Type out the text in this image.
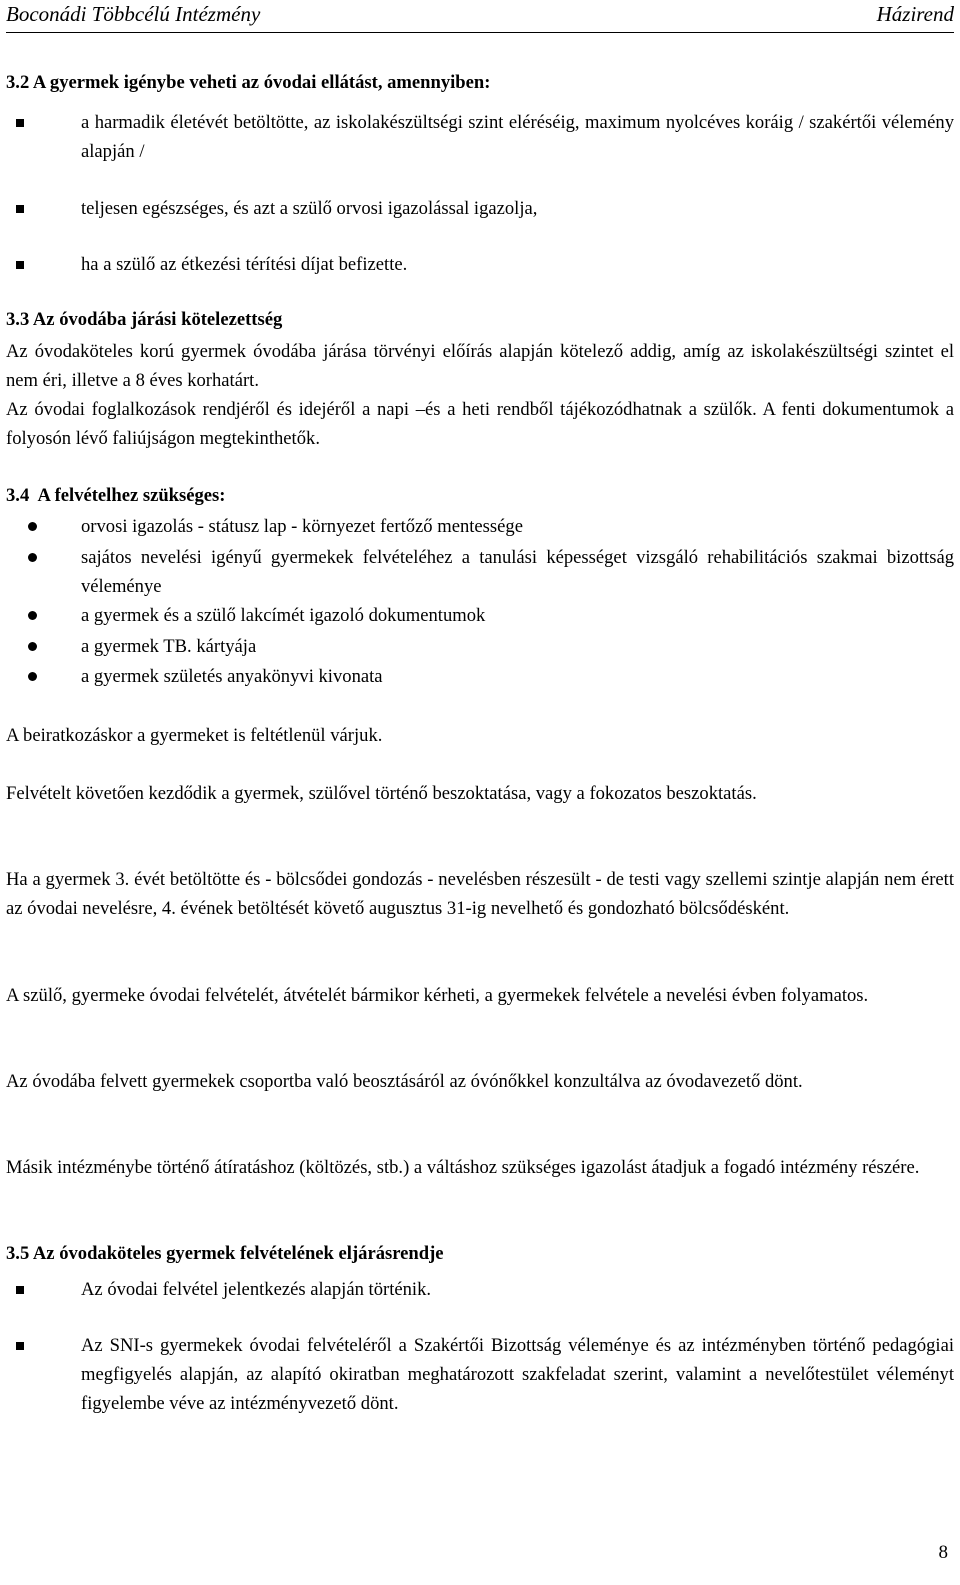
Boconádi Többcélú Intézmény	Házirend

3.2 A gyermek igénybe veheti az óvodai ellátást, amennyiben:

a harmadik életévét betöltötte, az iskolakészültségi szint eléréséig, maximum nyolcéves koráig / szakértői vélemény alapján /
teljesen egészséges, és azt a szülő orvosi igazolással igazolja,
ha a szülő az étkezési térítési díjat befizette.

3.3 Az óvodába járási kötelezettség

Az óvodaköteles korú gyermek óvodába járása törvényi előírás alapján kötelező addig, amíg az iskolakészültségi szintet el nem éri, illetve a 8 éves korhatárt.

Az óvodai foglalkozások rendjéről és idejéről a napi –és a heti rendből tájékozódhatnak a szülők. A fenti dokumentumok a folyosón lévő faliújságon megtekinthetők.

3.4 A felvételhez szükséges:

orvosi igazolás - státusz lap - környezet fertőző mentessége
sajátos nevelési igényű gyermekek felvételéhez a tanulási képességet vizsgáló rehabilitációs szakmai bizottság véleménye
a gyermek és a szülő lakcímét igazoló dokumentumok
a gyermek TB. kártyája
a gyermek születés anyakönyvi kivonata

A beiratkozáskor a gyermeket is feltétlenül várjuk.

Felvételt követően kezdődik a gyermek, szülővel történő beszoktatása, vagy a fokozatos beszoktatás.

Ha a gyermek 3. évét betöltötte és - bölcsődei gondozás - nevelésben részesült - de testi vagy szellemi szintje alapján nem érett az óvodai nevelésre, 4. évének betöltését követő augusztus 31-ig nevelhető és gondozható bölcsődésként.

A szülő, gyermeke óvodai felvételét, átvételét bármikor kérheti, a gyermekek felvétele a nevelési évben folyamatos.

Az óvodába felvett gyermekek csoportba való beosztásáról az óvónőkkel konzultálva az óvodavezető dönt.

Másik intézménybe történő átíratáshoz (költözés, stb.) a váltáshoz szükséges igazolást átadjuk a fogadó intézmény részére.

3.5 Az óvodaköteles gyermek felvételének eljárásrendje

Az óvodai felvétel jelentkezés alapján történik.
Az SNI-s gyermekek óvodai felvételéről a Szakértői Bizottság véleménye és az intézményben történő pedagógiai megfigyelés alapján, az alapító okiratban meghatározott szakfeladat szerint, valamint a nevelőtestület véleményt figyelembe véve az intézményvezető dönt.
8
